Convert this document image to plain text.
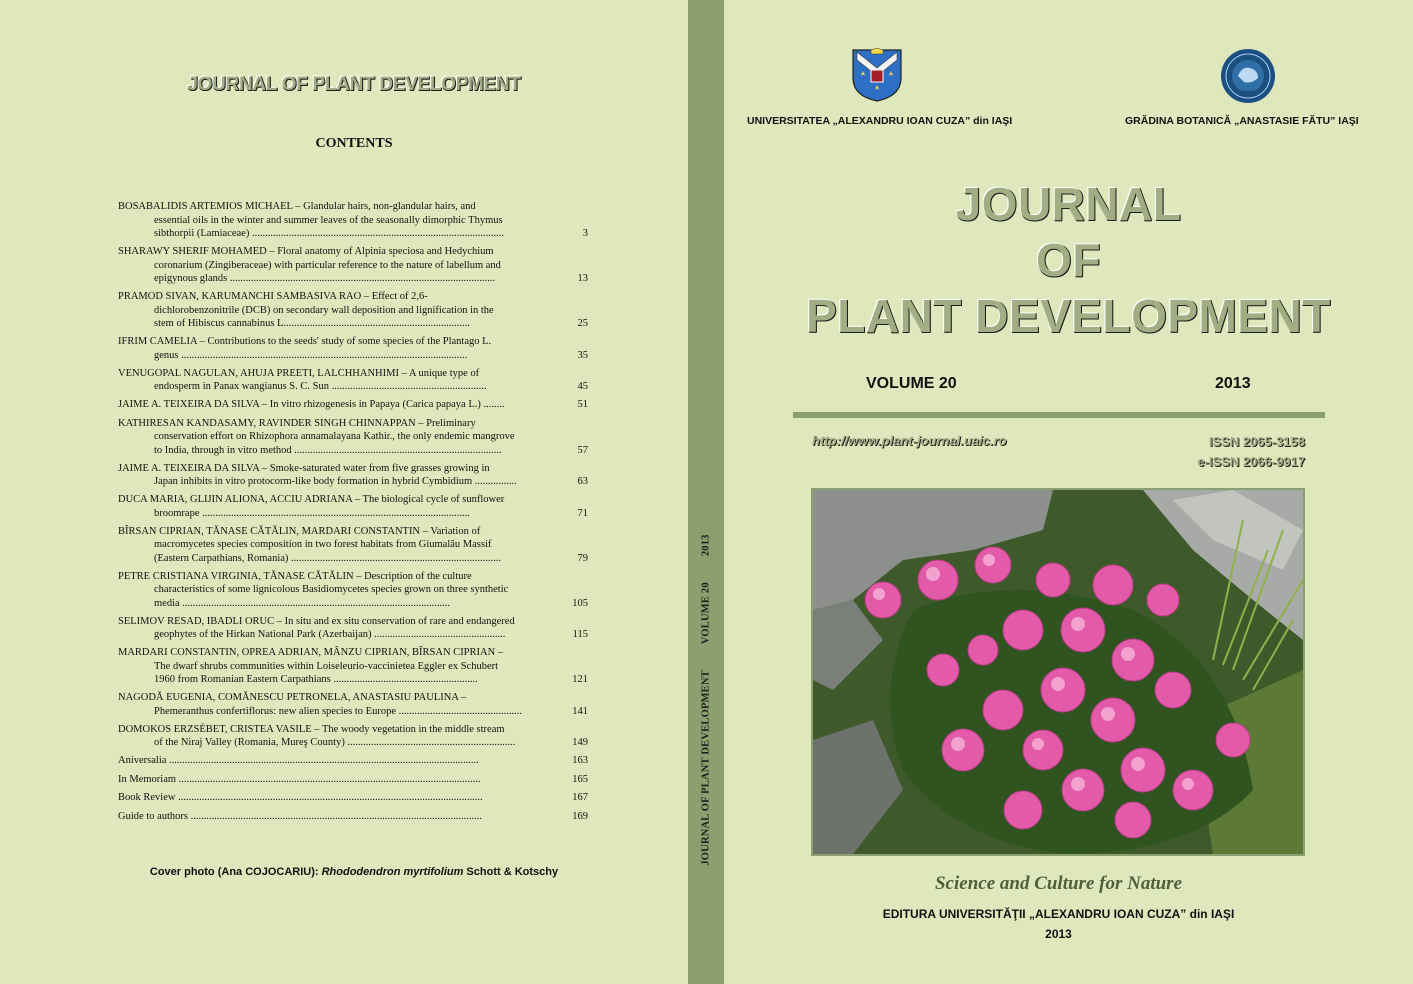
JOURNAL OF PLANT DEVELOPMENT
CONTENTS
BOSABALIDIS ARTEMIOS MICHAEL – Glandular hairs, non-glandular hairs, and
essential oils in the winter and summer leaves of the seasonally dimorphic Thymus
sibthorpii (Lamiaceae) ................................................................................................	3
SHARAWY SHERIF MOHAMED – Floral anatomy of Alpinia speciosa and Hedychium
coronarium (Zingiberaceae) with particular reference to the nature of labellum and
epigynous glands .....................................................................................................	13
PRAMOD SIVAN, KARUMANCHI SAMBASIVA RAO – Effect of 2,6-
dichlorobenzonitrile (DCB) on secondary wall deposition and lignification in the
stem of Hibiscus cannabinus L.......................................................................	25
IFRIM CAMELIA – Contributions to the seeds' study of some species of the Plantago L.
genus .............................................................................................................	35
VENUGOPAL NAGULAN, AHUJA PREETI, LALCHHANHIMI – A unique type of
endosperm in Panax wangianus S. C. Sun ...........................................................	45
JAIME A. TEIXEIRA DA SILVA – In vitro rhizogenesis in Papaya (Carica papaya L.) ........	51
KATHIRESAN KANDASAMY, RAVINDER SINGH CHINNAPPAN – Preliminary
conservation effort on Rhizophora annamalayana Kathir., the only endemic mangrove
to India, through in vitro method ...............................................................................	57
JAIME A. TEIXEIRA DA SILVA – Smoke-saturated water from five grasses growing in
Japan inhibits in vitro protocorm-like body formation in hybrid Cymbidium ................	63
DUCA MARIA, GLIJIN ALIONA, ACCIU ADRIANA – The biological cycle of sunflower
broomrape ......................................................................................................	71
BÎRSAN CIPRIAN, TĂNASE CĂTĂLIN, MARDARI CONSTANTIN – Variation of
macromycetes species composition in two forest habitats from Giumalău Massif
(Eastern Carpathians, Romania) ................................................................................	79
PETRE CRISTIANA VIRGINIA, TĂNASE CĂTĂLIN – Description of the culture
characteristics of some lignicolous Basidiomycetes species grown on three synthetic
media ......................................................................................................	105
SELIMOV RESAD, IBADLI ORUC – In situ and ex situ conservation of rare and endangered
geophytes of the Hirkan National Park (Azerbaijan) ..................................................	115
MARDARI CONSTANTIN, OPREA ADRIAN, MÂNZU CIPRIAN, BÎRSAN CIPRIAN –
The dwarf shrubs communities within Loiseleurio-vaccinietea Eggler ex Schubert
1960 from Romanian Eastern Carpathians .......................................................	121
NAGODĂ EUGENIA, COMĂNESCU PETRONELA, ANASTASIU PAULINA –
Phemeranthus confertiflorus: new alien species to Europe ...............................................	141
DOMOKOS ERZSÉBET, CRISTEA VASILE – The woody vegetation in the middle stream
of the Niraj Valley (Romania, Mureş County) ................................................................	149
Aniversalia ......................................................................................................................	163
In Memoriam ...................................................................................................................	165
Book Review ....................................................................................................................	167
Guide to authors ...............................................................................................................	169
Cover photo (Ana COJOCARIU): Rhododendron myrtifolium Schott & Kotschy
JOURNAL OF PLANT DEVELOPMENTVOLUME 202013
UNIVERSITATEA „ALEXANDRU IOAN CUZA” din IAŞI	GRĂDINA BOTANICĂ „ANASTASIE FĂTU” IAŞI
JOURNAL
OF
PLANT DEVELOPMENT
VOLUME 20	2013
http://www.plant-journal.uaic.ro	ISSN 2065-3158
e-ISSN 2066-9917
Science and Culture for Nature
EDITURA UNIVERSITĂŢII „ALEXANDRU IOAN CUZA” din IAŞI
2013
